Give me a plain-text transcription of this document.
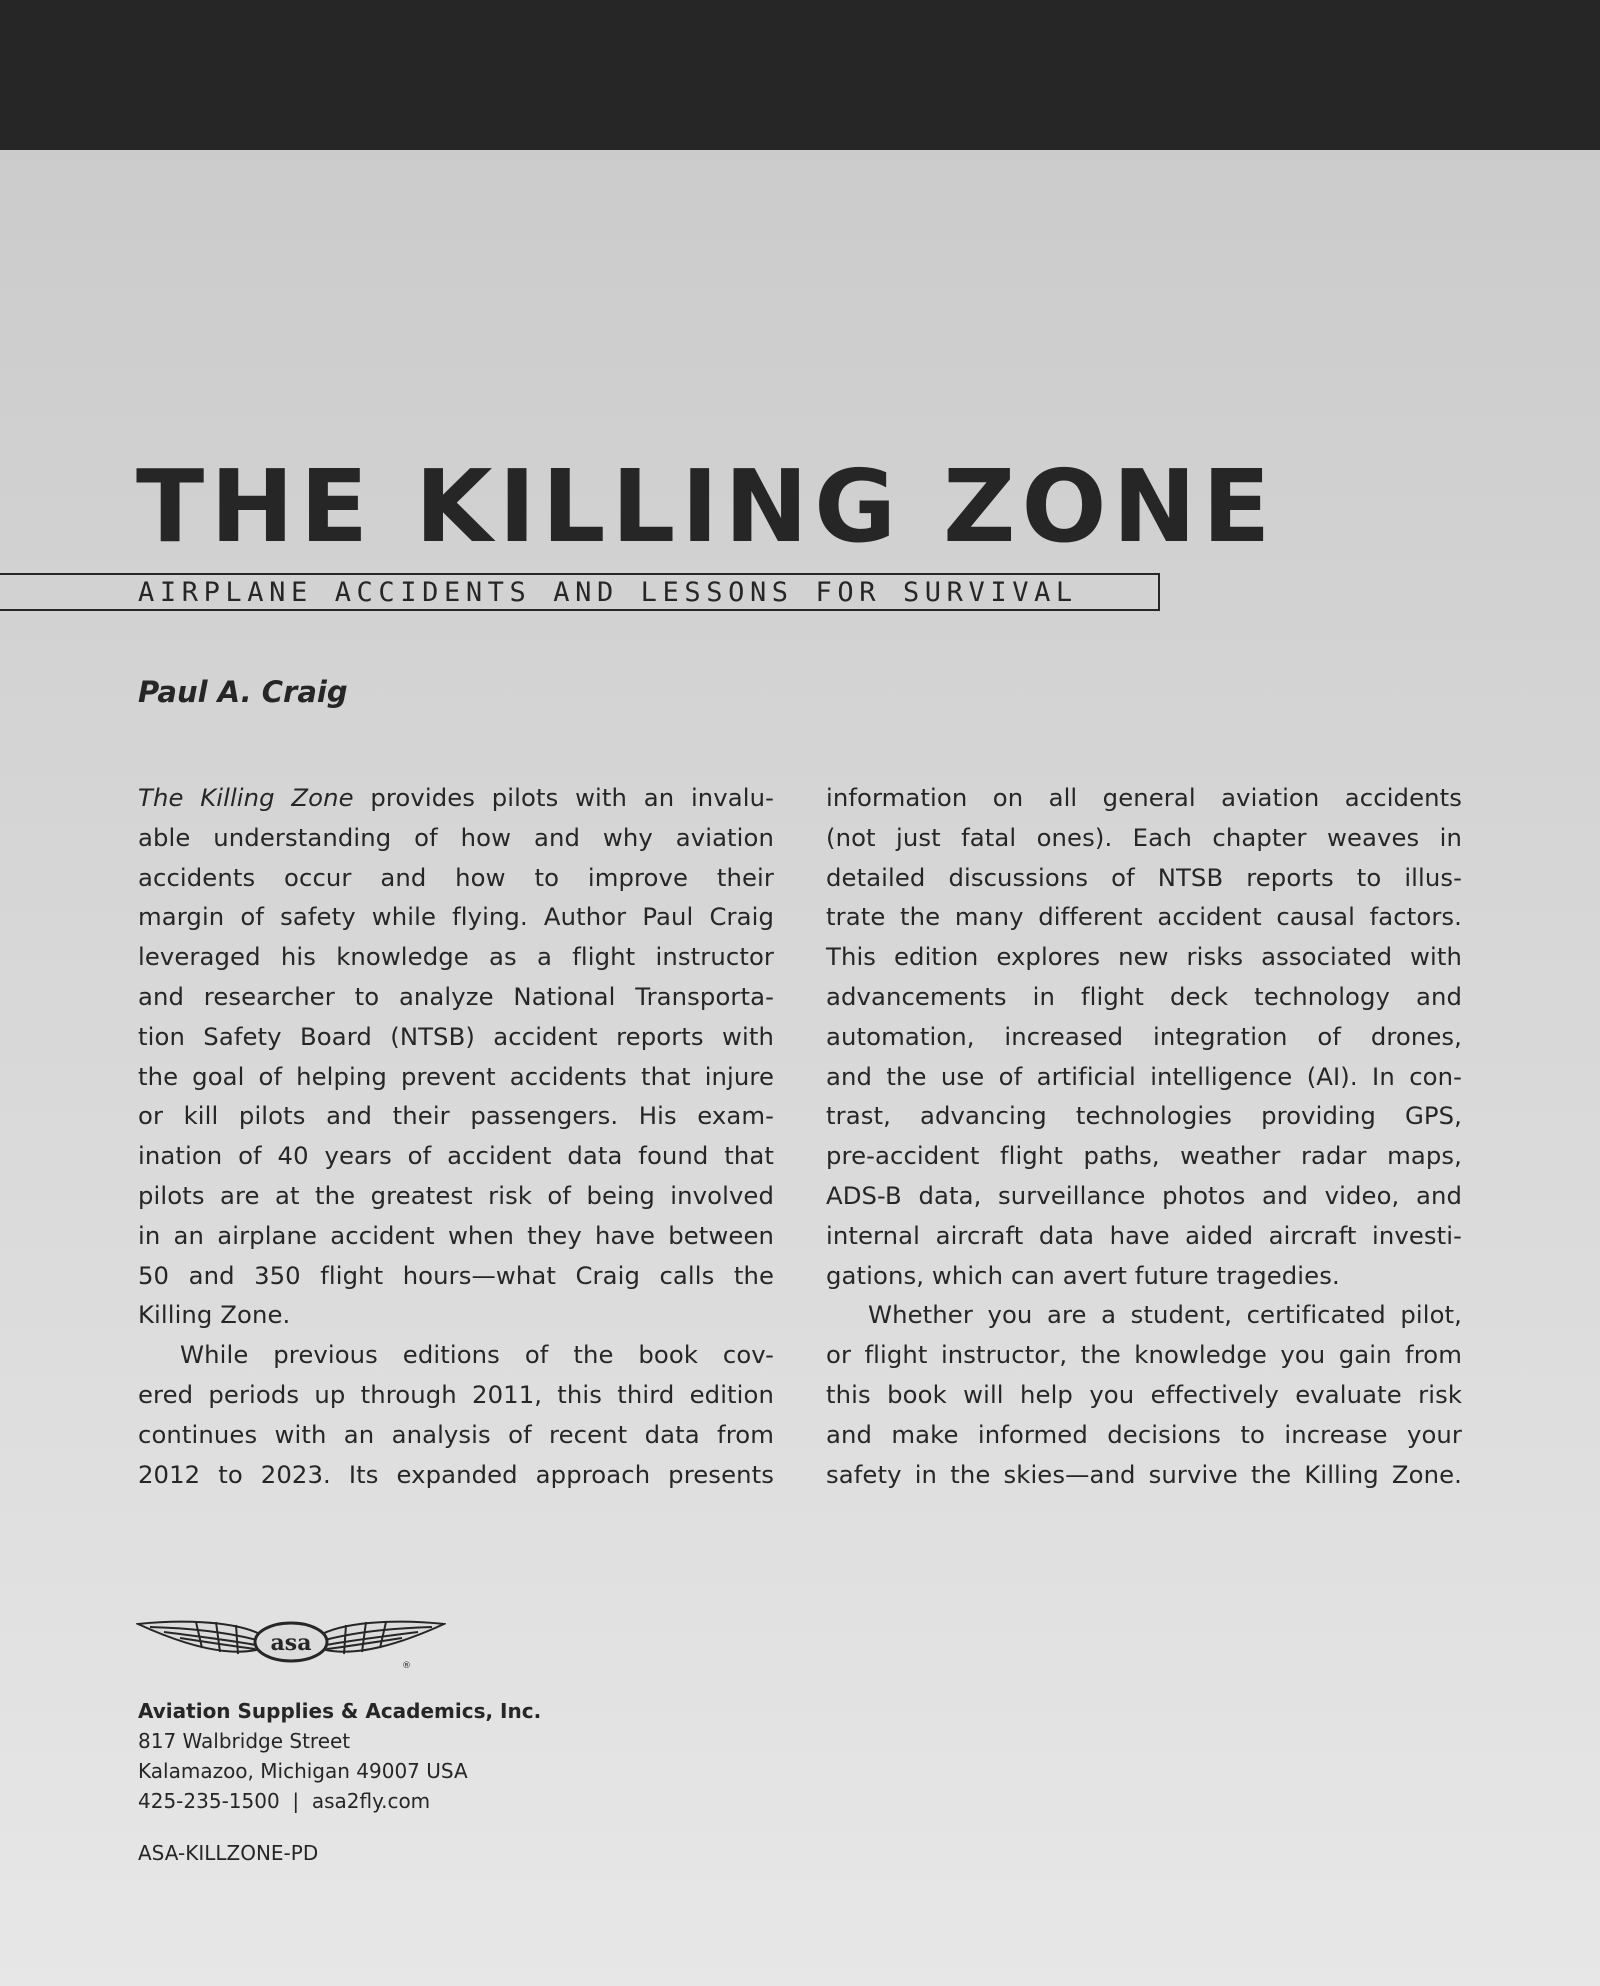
THE KILLING ZONE
AIRPLANE ACCIDENTS AND LESSONS FOR SURVIVAL
Paul A. Craig
The Killing Zone provides pilots with an invalu-
able understanding of how and why aviation
accidents occur and how to improve their
margin of safety while flying. Author Paul Craig
leveraged his knowledge as a flight instructor
and researcher to analyze National Transporta-
tion Safety Board (NTSB) accident reports with
the goal of helping prevent accidents that injure
or kill pilots and their passengers. His exam-
ination of 40 years of accident data found that
pilots are at the greatest risk of being involved
in an airplane accident when they have between
50 and 350 flight hours—what Craig calls the
Killing Zone.
While previous editions of the book cov-
ered periods up through 2011, this third edition
continues with an analysis of recent data from
2012 to 2023. Its expanded approach presents
information on all general aviation accidents
(not just fatal ones). Each chapter weaves in
detailed discussions of NTSB reports to illus-
trate the many different accident causal factors.
This edition explores new risks associated with
advancements in flight deck technology and
automation, increased integration of drones,
and the use of artificial intelligence (AI). In con-
trast, advancing technologies providing GPS,
pre-accident flight paths, weather radar maps,
ADS-B data, surveillance photos and video, and
internal aircraft data have aided aircraft investi-
gations, which can avert future tragedies.
Whether you are a student, certificated pilot,
or flight instructor, the knowledge you gain from
this book will help you effectively evaluate risk
and make informed decisions to increase your
safety in the skies—and survive the Killing Zone.
asa
®
Aviation Supplies & Academics, Inc.
817 Walbridge Street
Kalamazoo, Michigan 49007 USA
425-235-1500  |  asa2fly.com
ASA-KILLZONE-PD
